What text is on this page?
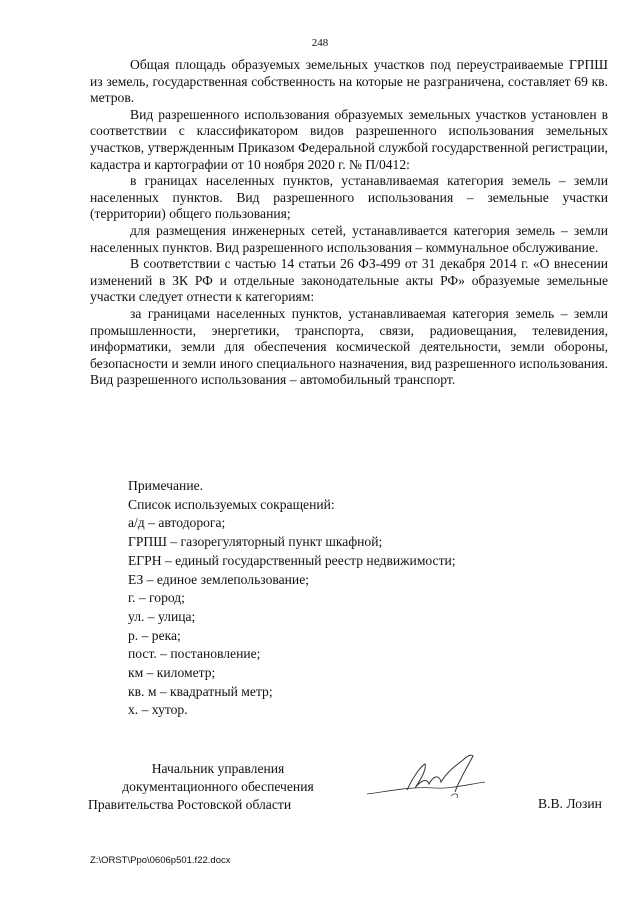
248

Общая площадь образуемых земельных участков под переустраиваемые ГРПШ из земель, государственная собственность на которые не разграничена, составляет 69 кв. метров.

Вид разрешенного использования образуемых земельных участков установлен в соответствии с классификатором видов разрешенного использования земельных участков, утвержденным Приказом Федеральной службой государственной регистрации, кадастра и картографии от 10 ноября 2020 г. № П/0412:

в границах населенных пунктов, устанавливаемая категория земель – земли населенных пунктов. Вид разрешенного использования – земельные участки (территории) общего пользования;

для размещения инженерных сетей, устанавливается категория земель – земли населенных пунктов. Вид разрешенного использования – коммунальное обслуживание.

В соответствии с частью 14 статьи 26 ФЗ-499 от 31 декабря 2014 г. «О внесении изменений в ЗК РФ и отдельные законодательные акты РФ» образуемые земельные участки следует отнести к категориям:

за границами населенных пунктов, устанавливаемая категория земель – земли промышленности, энергетики, транспорта, связи, радиовещания, телевидения, информатики, земли для обеспечения космической деятельности, земли обороны, безопасности и земли иного специального назначения, вид разрешенного использования. Вид разрешенного использования – автомобильный транспорт.

Примечание.
Список используемых сокращений:
а/д – автодорога;
ГРПШ – газорегуляторный пункт шкафной;
ЕГРН – единый государственный реестр недвижимости;
ЕЗ – единое землепользование;
г. – город;
ул. – улица;
р. – река;
пост. – постановление;
км – километр;
кв. м – квадратный метр;
х. – хутор.
Начальник управления
документационного обеспечения
Правительства Ростовской области	В.В. Лозин
Z:\ORST\Ppo\0606p501.f22.docx
